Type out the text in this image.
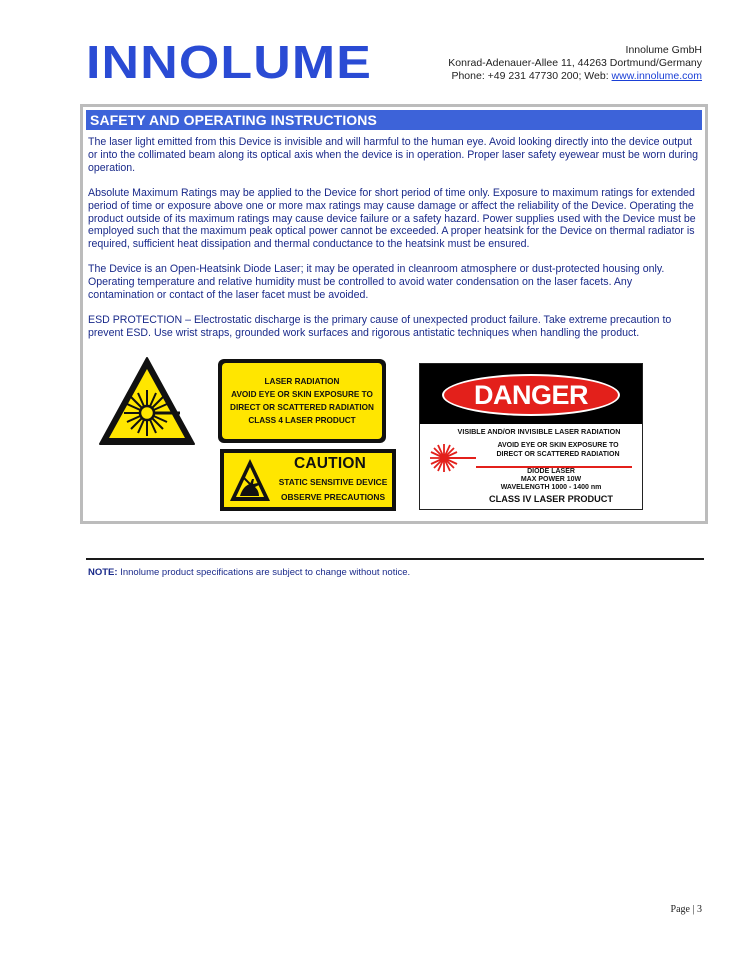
INNOLUME	Innolume GmbH
Konrad-Adenauer-Allee 11, 44263 Dortmund/Germany
Phone: +49 231 47730 200; Web: www.innolume.com
SAFETY AND OPERATING INSTRUCTIONS

The laser light emitted from this Device is invisible and will harmful to the human eye. Avoid looking directly into the device output or into the collimated beam along its optical axis when the device is in operation. Proper laser safety eyewear must be worn during operation.

Absolute Maximum Ratings may be applied to the Device for short period of time only. Exposure to maximum ratings for extended period of time or exposure above one or more max ratings may cause damage or affect the reliability of the Device. Operating the product outside of its maximum ratings may cause device failure or a safety hazard. Power supplies used with the Device must be employed such that the maximum peak optical power cannot be exceeded. A proper heatsink for the Device on thermal radiator is required, sufficient heat dissipation and thermal conductance to the heatsink must be ensured.

The Device is an Open-Heatsink Diode Laser; it may be operated in cleanroom atmosphere or dust-protected housing only. Operating temperature and relative humidity must be controlled to avoid water condensation on the laser facets. Any contamination or contact of the laser facet must be avoided.

ESD PROTECTION – Electrostatic discharge is the primary cause of unexpected product failure. Take extreme precaution to prevent ESD. Use wrist straps, grounded work surfaces and rigorous antistatic techniques when handling the product.

LASER RADIATION
AVOID EYE OR SKIN EXPOSURE TO
DIRECT OR SCATTERED RADIATION
CLASS 4 LASER PRODUCT
CAUTION
STATIC SENSITIVE DEVICE
OBSERVE PRECAUTIONS
DANGER
VISIBLE AND/OR INVISIBLE LASER RADIATION
AVOID EYE OR SKIN EXPOSURE TO
DIRECT OR SCATTERED RADIATION
DIODE LASER
MAX POWER 10W
WAVELENGTH 1000 - 1400 nm
CLASS IV LASER PRODUCT
NOTE: Innolume product specifications are subject to change without notice.
Page | 3
